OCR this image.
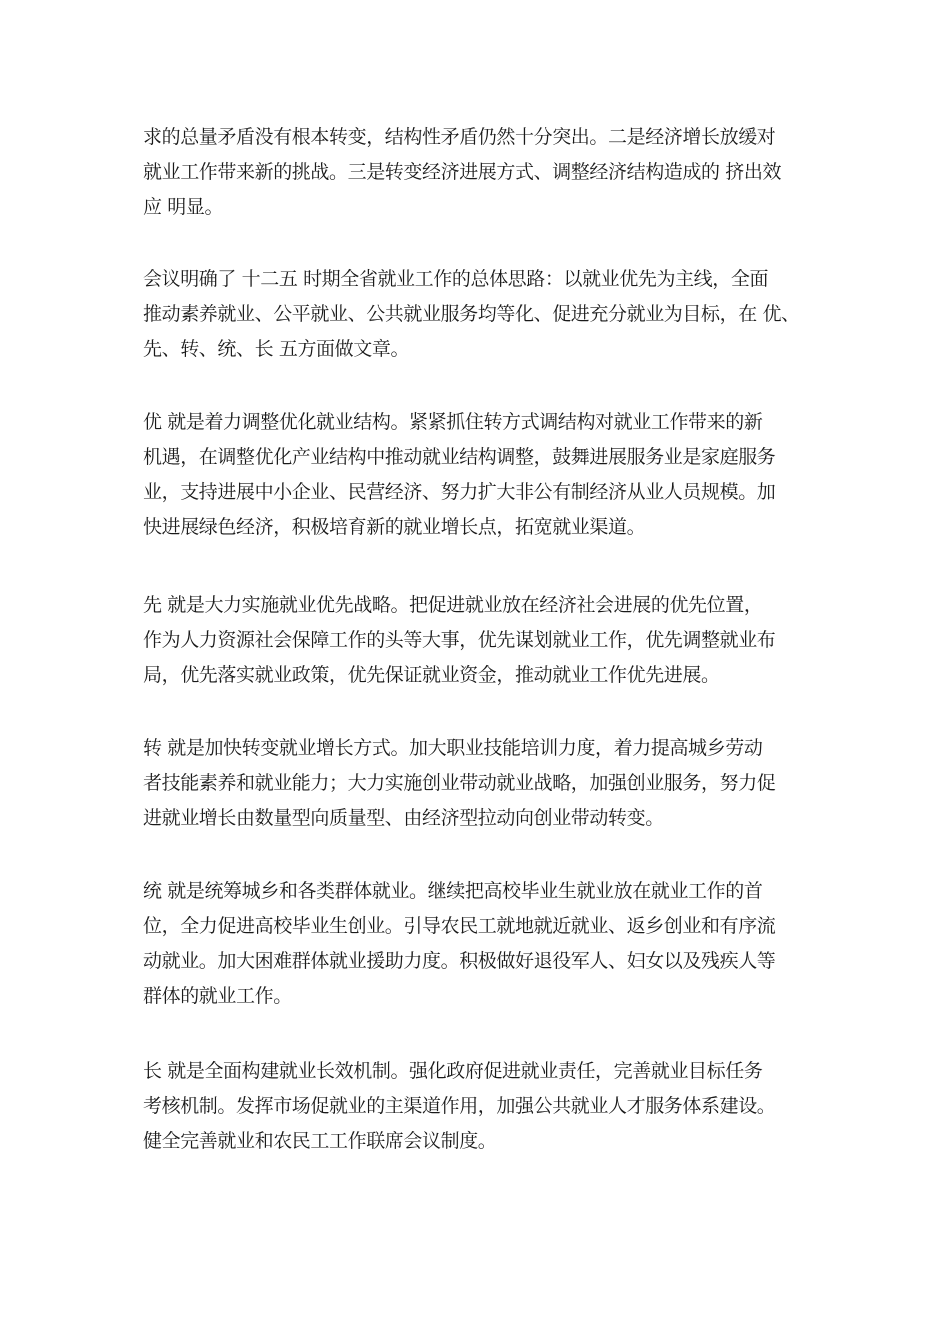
求的总量矛盾没有根本转变，结构性矛盾仍然十分突出。二是经济增长放缓对
就业工作带来新的挑战。三是转变经济进展方式、调整经济结构造成的 挤出效
应 明显。

会议明确了 十二五 时期全省就业工作的总体思路：以就业优先为主线，全面
推动素养就业、公平就业、公共就业服务均等化、促进充分就业为目标，在 优、
先、转、统、长 五方面做文章。

优 就是着力调整优化就业结构。紧紧抓住转方式调结构对就业工作带来的新
机遇，在调整优化产业结构中推动就业结构调整，鼓舞进展服务业是家庭服务
业，支持进展中小企业、民营经济、努力扩大非公有制经济从业人员规模。加
快进展绿色经济，积极培育新的就业增长点，拓宽就业渠道。

先 就是大力实施就业优先战略。把促进就业放在经济社会进展的优先位置，
作为人力资源社会保障工作的头等大事，优先谋划就业工作，优先调整就业布
局，优先落实就业政策，优先保证就业资金，推动就业工作优先进展。

转 就是加快转变就业增长方式。加大职业技能培训力度，着力提高城乡劳动
者技能素养和就业能力；大力实施创业带动就业战略，加强创业服务，努力促
进就业增长由数量型向质量型、由经济型拉动向创业带动转变。

统 就是统筹城乡和各类群体就业。继续把高校毕业生就业放在就业工作的首
位，全力促进高校毕业生创业。引导农民工就地就近就业、返乡创业和有序流
动就业。加大困难群体就业援助力度。积极做好退役军人、妇女以及残疾人等
群体的就业工作。

长 就是全面构建就业长效机制。强化政府促进就业责任，完善就业目标任务
考核机制。发挥市场促就业的主渠道作用，加强公共就业人才服务体系建设。
健全完善就业和农民工工作联席会议制度。
